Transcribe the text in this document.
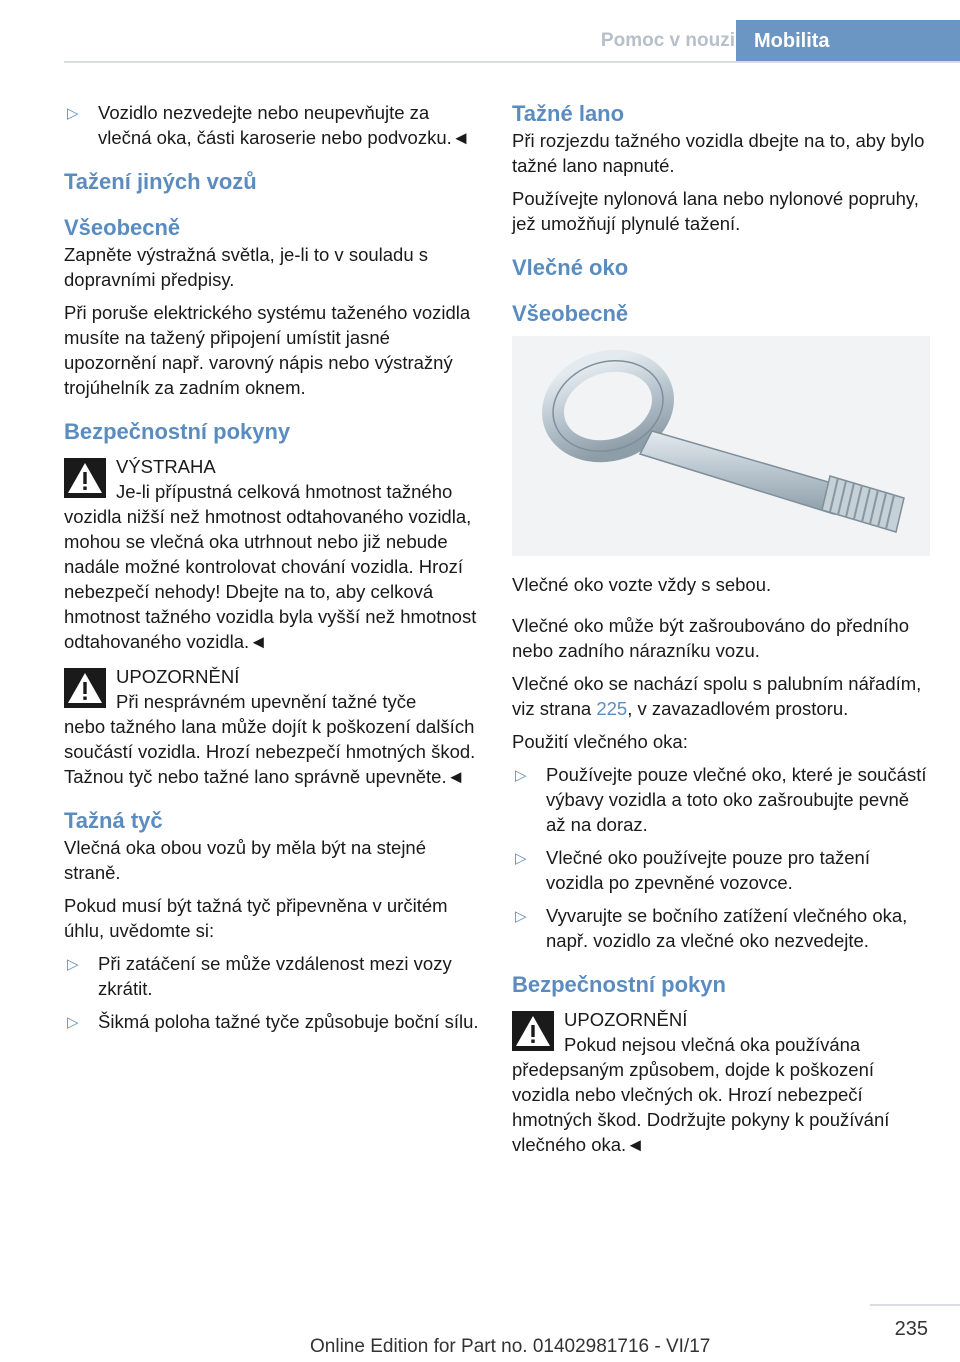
Pomoc v nouzi Mobilita
▷ Vozidlo nezvedejte nebo neupevňujte za vlečná oka, části karoserie nebo podvozku.◄
Tažení jiných vozů
Všeobecně

Zapněte výstražná světla, je-li to v souladu s dopravními předpisy.

Při poruše elektrického systému taženého vozidla musíte na tažený připojení umístit jasné upozornění např. varovný nápis nebo výstražný trojúhelník za zadním oknem.

Bezpečnostní pokyny
VÝSTRAHA
Je-li přípustná celková hmotnost tažného
vozidla nižší než hmotnost odtahovaného vozidla, mohou se vlečná oka utrhnout nebo již nebude nadále možné kontrolovat chování vozidla. Hrozí nebezpečí nehody! Dbejte na to, aby celková hmotnost tažného vozidla byla vyšší než hmotnost odtahovaného vozidla.◄
UPOZORNĚNÍ
Při nesprávném upevnění tažné tyče
nebo tažného lana může dojít k poškození dalších součástí vozidla. Hrozí nebezpečí hmotných škod. Tažnou tyč nebo tažné lano správně upevněte.◄
Tažná tyč

Vlečná oka obou vozů by měla být na stejné straně.

Pokud musí být tažná tyč připevněna v určitém úhlu, uvědomte si:

▷ Při zatáčení se může vzdálenost mezi vozy zkrátit.
▷ Šikmá poloha tažné tyče způsobuje boční sílu.
Tažné lano

Při rozjezdu tažného vozidla dbejte na to, aby bylo tažné lano napnuté.

Používejte nylonová lana nebo nylonové popruhy, jež umožňují plynulé tažení.

Vlečné oko
Všeobecně

Vlečné oko vozte vždy s sebou.

Vlečné oko může být zašroubováno do předního nebo zadního nárazníku vozu.

Vlečné oko se nachází spolu s palubním nářadím, viz strana 225, v zavazadlovém prostoru.

Použití vlečného oka:

▷ Používejte pouze vlečné oko, které je součástí výbavy vozidla a toto oko zašroubujte pevně až na doraz.
▷ Vlečné oko používejte pouze pro tažení vozidla po zpevněné vozovce.
▷ Vyvarujte se bočního zatížení vlečného oka, např. vozidlo za vlečné oko nezvedejte.
Bezpečnostní pokyn
UPOZORNĚNÍ
Pokud nejsou vlečná oka používána
předepsaným způsobem, dojde k poškození vozidla nebo vlečných ok. Hrozí nebezpečí hmotných škod. Dodržujte pokyny k používání vlečného oka.◄
235
Online Edition for Part no. 01402981716 - VI/17
